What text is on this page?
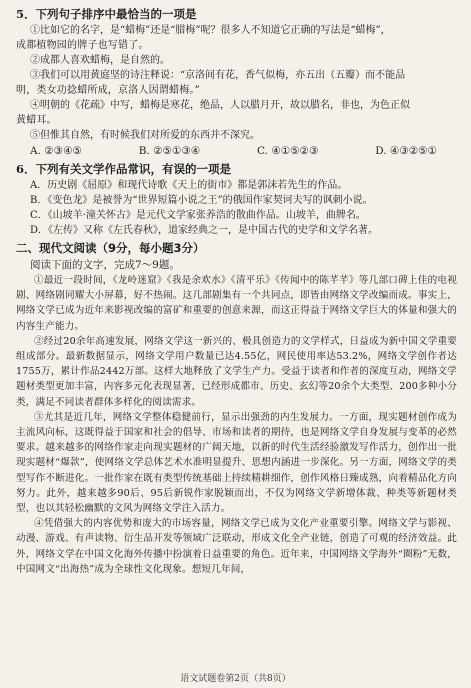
5．下列句子排序中最恰当的一项是

①比如它的名字，是“蜡梅”还是“腊梅”呢？很多人不知道它正确的写法是“蜡梅”，

成都植物园的牌子也写错了。

②成都人喜欢蜡梅，是自然的。

③我们可以用黄庭坚的诗注释说：“京洛间有花，香气似梅，亦五出（五瓣）而不能品

明，类女功捻蜡所成，京洛人因谓蜡梅。”

④明朝的《花疏》中写，蜡梅是寒花，绝品，人以腊月开，故以腊名，非也，为色正似

黄蜡耳。

⑤但惟其自然，有时候我们对所爱的东西并不深究。

A. ②③④⑤	B. ②⑤①③④	C. ④①⑤②③	D. ④③②⑤①

6．下列有关文学作品常识，有误的一项是

A．历史剧《屈原》和现代诗歌《天上的街市》都是郭沫若先生的作品。

B．《变色龙》是被誉为“世界短篇小说之王”的俄国作家契诃夫写的讽刺小说。

C．《山坡羊·潼关怀古》是元代文学家张养浩的散曲作品。山坡羊，曲牌名。

D．《左传》又称《左氏春秋》，道家经典之一，是中国古代的史学和文学名著。

二、现代文阅读（9分，每小题3分）

阅读下面的文字，完成7～9题。

①最近一段时间，《龙岭迷窟》《我是余欢水》《清平乐》《传闻中的陈芊芊》等几部口碑上佳的电视剧、网络剧同耀大小屏幕，好不热闹。这几部剧集有一个共同点，即皆由网络文学改编而成。事实上，网络文学已成为近年来影视改编的富矿和重要的创意来源，而这正得益于网络文学巨大的体量和强大的内容生产能力。

②经过20余年高速发展，网络文学这一新兴的、极具创造力的文学样式，日益成为新中国文学重要组成部分。最新数据显示，网络文学用户数量已达4.55亿，网民使用率达53.2%，网络文学创作者达1755万，累计作品2442万部。这样大地释放了文学生产力。受益于读者和作者的深度互动，网络文学题材类型更加丰富，内容多元化表现显著，已经形成都市、历史、玄幻等20余个大类型、200多种小分类，满足不同读者群体多样化的阅读需求。

③尤其是近几年，网络文学整体稳健前行，显示出强劲的内生发展力。一方面，现实题材创作成为主流风向标，这既得益于国家和社会的倡导、市场和读者的期待，也是网络文学自身发展与变革的必然要求。越来越多的网络作家走向现实题材的广阔天地，以新的时代生活经验激发写作活力，创作出一批现实题材“爆款”，使网络文学总体艺术水准明显提升、思想内涵进一步深化。另一方面，网络文学的类型写作不断进化。一批作家在既有类型传统基础上持续精耕细作，创作风格日臻成熟，向着精品化方向努力。此外，越来越多90后、95后新锐作家脱颖而出，不仅为网络文学新增体裁、种类等新题材类型，也以其轻松幽默的文风为网络文学注入活力。

④凭借强大的内容优势和庞大的市场容量，网络文学已成为文化产业重要引擎。网络文学与影视、动漫、游戏、有声读物、衍生品开发等领域广泛联动，形成文化全产业链，创造了可观的经济效益。此外，网络文学在中国文化海外传播中扮演着日益重要的角色。近年来，中国网络文学海外“圈粉”无数，中国网文“出海热”成为全球性文化现象。想短几年间，

语文试题卷第2页（共8页）
